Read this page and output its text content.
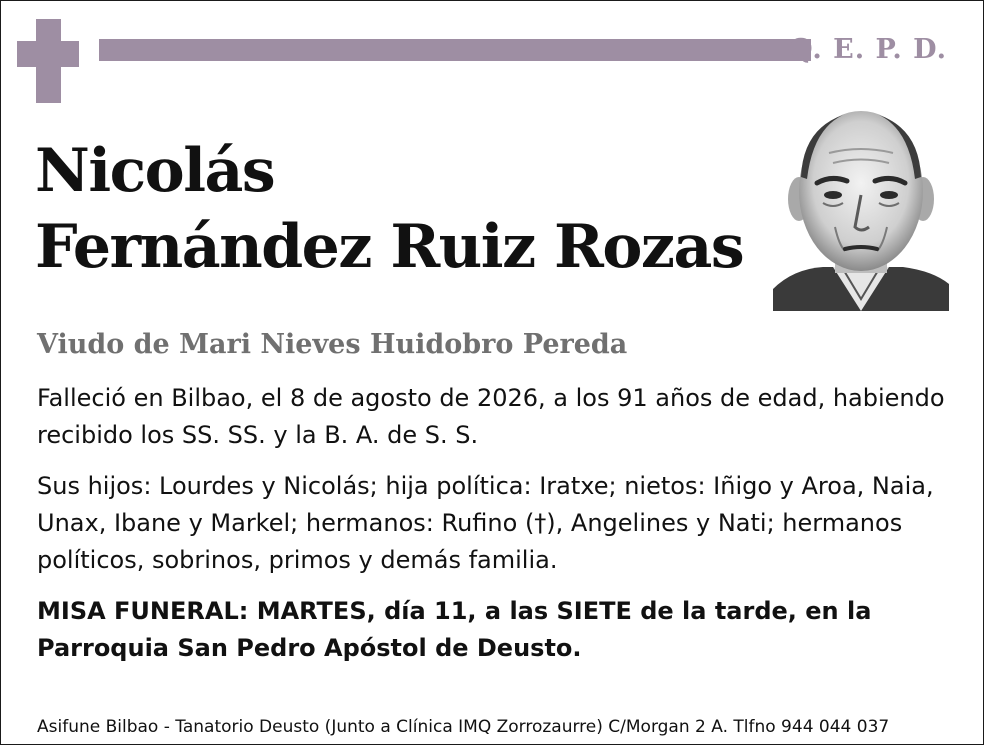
Q. E. P. D.
Nicolás
Fernández Ruiz Rozas
Viudo de Mari Nieves Huidobro Pereda
Falleció en Bilbao, el 8 de agosto de 2026, a los 91 años de edad, habiendo recibido los SS. SS. y la B. A. de S. S.
Sus hijos: Lourdes y Nicolás; hija política: Iratxe; nietos: Iñigo y Aroa, Naia, Unax, Ibane y Markel; hermanos: Rufino (†), Angelines y Nati; hermanos políticos, sobrinos, primos y demás familia.
MISA FUNERAL: MARTES, día 11, a las SIETE de la tarde, en la Parroquia San Pedro Apóstol de Deusto.
Asifune Bilbao - Tanatorio Deusto (Junto a Clínica IMQ Zorrozaurre) C/Morgan 2 A. Tlfno 944 044 037
